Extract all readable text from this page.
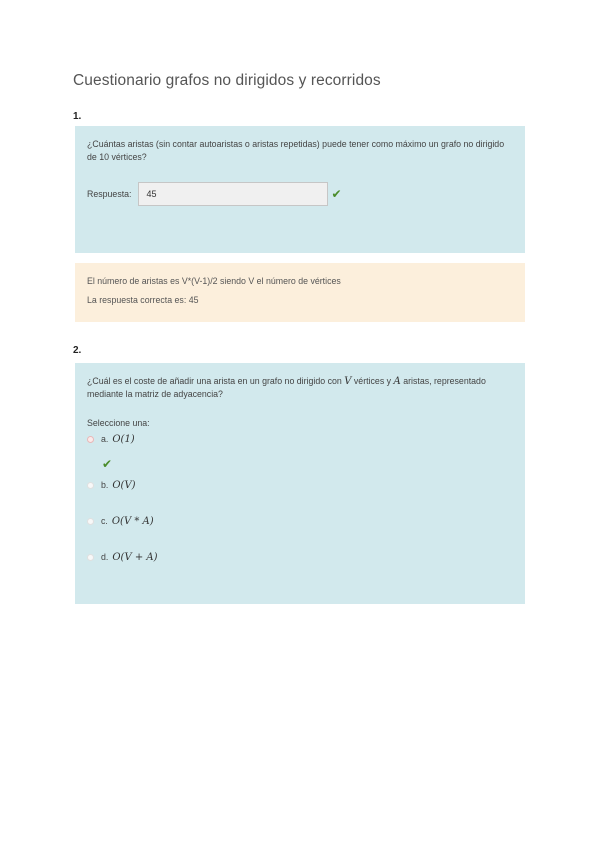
Cuestionario grafos no dirigidos y recorridos
1.
¿Cuántas aristas (sin contar autoaristas o aristas repetidas) puede tener como máximo un grafo no dirigido de 10 vértices?
Respuesta:	45	✔
El número de aristas es V*(V-1)/2 siendo V el número de vértices
La respuesta correcta es: 45
2.
¿Cuál es el coste de añadir una arista en un grafo no dirigido con V vértices y A aristas, representado mediante la matriz de adyacencia?
Seleccione una:
a. O(1)
✔
b. O(V)
c. O(V * A)
d. O(V + A)
